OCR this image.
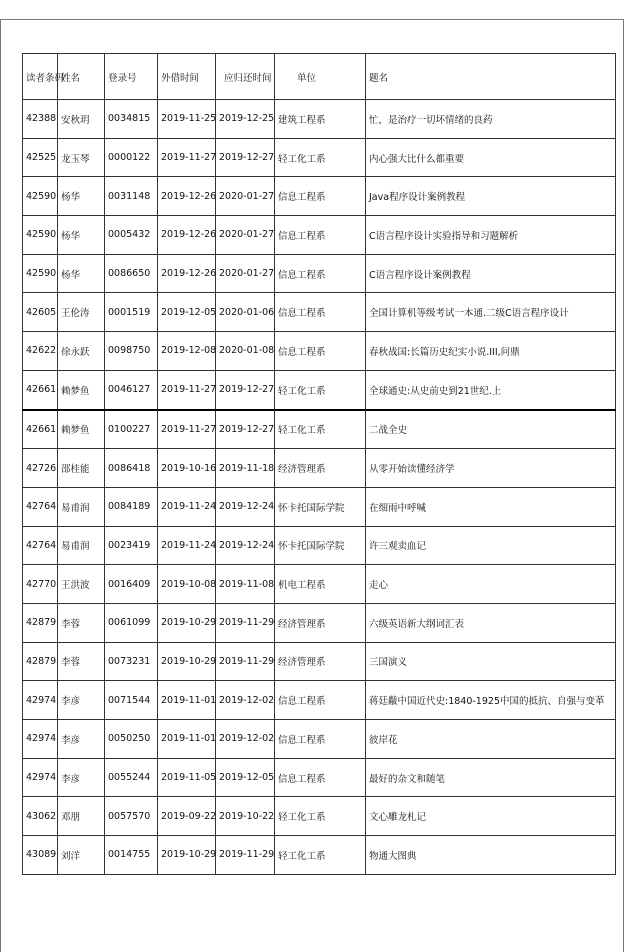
读者条码	姓名	登录号	外借时间	应归还时间	单位	题名
42388	安秋玥	0034815	2019-11-25	2019-12-25	建筑工程系	忙，是治疗一切坏情绪的良药
42525	龙玉琴	0000122	2019-11-27	2019-12-27	轻工化工系	内心强大比什么都重要
42590	杨华	0031148	2019-12-26	2020-01-27	信息工程系	Java程序设计案例教程
42590	杨华	0005432	2019-12-26	2020-01-27	信息工程系	C语言程序设计实验指导和习题解析
42590	杨华	0086650	2019-12-26	2020-01-27	信息工程系	C语言程序设计案例教程
42605	王伦涛	0001519	2019-12-05	2020-01-06	信息工程系	全国计算机等级考试一本通.二级C语言程序设计
42622	徐永跃	0098750	2019-12-08	2020-01-08	信息工程系	春秋战国:长篇历史纪实小说.III,问鼎
42661	赖梦鱼	0046127	2019-11-27	2019-12-27	轻工化工系	全球通史:从史前史到21世纪.上
42661	赖梦鱼	0100227	2019-11-27	2019-12-27	轻工化工系	二战全史
42726	邵桂能	0086418	2019-10-16	2019-11-18	经济管理系	从零开始读懂经济学
42764	易甫润	0084189	2019-11-24	2019-12-24	怀卡托国际学院	在细雨中呼喊
42764	易甫润	0023419	2019-11-24	2019-12-24	怀卡托国际学院	许三观卖血记
42770	王洪波	0016409	2019-10-08	2019-11-08	机电工程系	走心
42879	李蓉	0061099	2019-10-29	2019-11-29	经济管理系	六级英语新大纲词汇表
42879	李蓉	0073231	2019-10-29	2019-11-29	经济管理系	三国演义
42974	李彦	0071544	2019-11-01	2019-12-02	信息工程系	蒋廷黻中国近代史:1840-1925中国的抵抗、自强与变革
42974	李彦	0050250	2019-11-01	2019-12-02	信息工程系	彼岸花
42974	李彦	0055244	2019-11-05	2019-12-05	信息工程系	最好的杂文和随笔
43062	邓朋	0057570	2019-09-22	2019-10-22	轻工化工系	文心雕龙札记
43089	刘洋	0014755	2019-10-29	2019-11-29	轻工化工系	物通大图典
